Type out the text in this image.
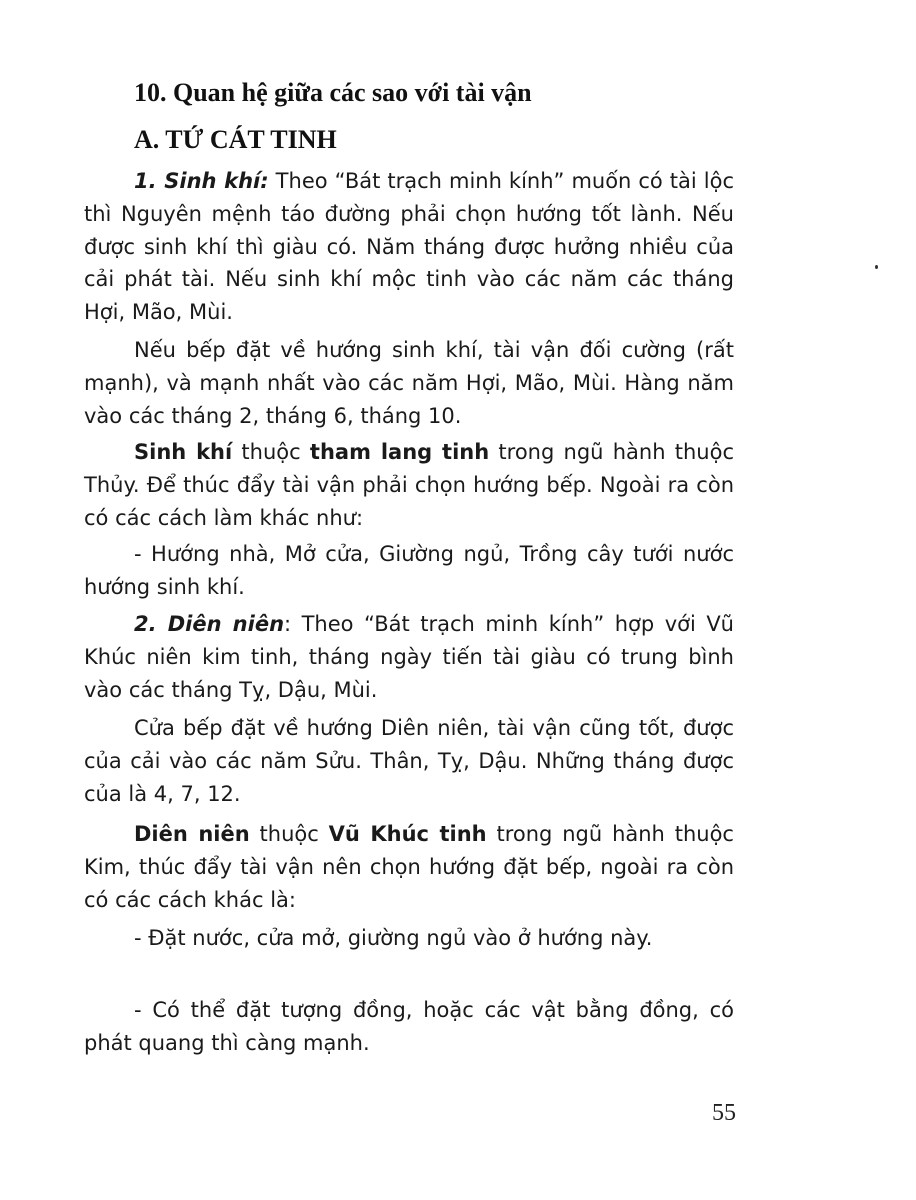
10. Quan hệ giữa các sao với tài vận
A. TỨ CÁT TINH

1. Sinh khí: Theo “Bát trạch minh kính” muốn có tài lộc thì Nguyên mệnh táo đường phải chọn hướng tốt lành. Nếu được sinh khí thì giàu có. Năm tháng được hưởng nhiều của cải phát tài. Nếu sinh khí mộc tinh vào các năm các tháng Hợi, Mão, Mùi.

Nếu bếp đặt về hướng sinh khí, tài vận đối cường (rất mạnh), và mạnh nhất vào các năm Hợi, Mão, Mùi. Hàng năm vào các tháng 2, tháng 6, tháng 10.

Sinh khí thuộc tham lang tinh trong ngũ hành thuộc Thủy. Để thúc đẩy tài vận phải chọn hướng bếp. Ngoài ra còn có các cách làm khác như:

- Hướng nhà, Mở cửa, Giường ngủ, Trồng cây tưới nước hướng sinh khí.

2. Diên niên: Theo “Bát trạch minh kính” hợp với Vũ Khúc niên kim tinh, tháng ngày tiến tài giàu có trung bình vào các tháng Tỵ, Dậu, Mùi.

Cửa bếp đặt về hướng Diên niên, tài vận cũng tốt, được của cải vào các năm Sửu. Thân, Tỵ, Dậu. Những tháng được của là 4, 7, 12.

Diên niên thuộc Vũ Khúc tinh trong ngũ hành thuộc Kim, thúc đẩy tài vận nên chọn hướng đặt bếp, ngoài ra còn có các cách khác là:

- Đặt nước, cửa mở, giường ngủ vào ở hướng này.

- Có thể đặt tượng đồng, hoặc các vật bằng đồng, có phát quang thì càng mạnh.

55
